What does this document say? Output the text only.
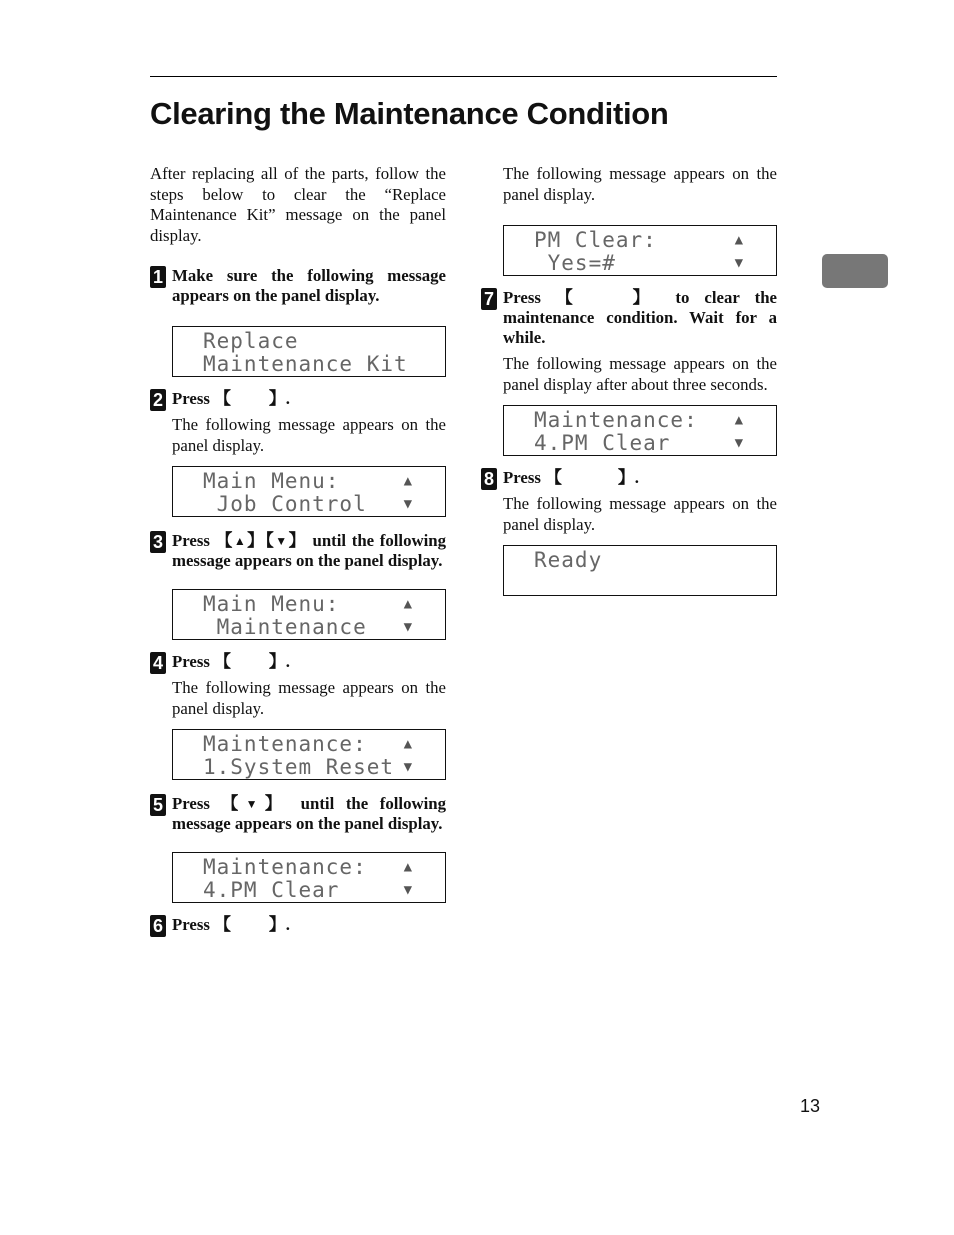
Clearing the Maintenance Condition

After replacing all of the parts, follow the steps below to clear the “Replace Maintenance Kit” message on the panel display.

1 Make sure the following message appears on the panel display.

Replace
Maintenance Kit
2 Press 【 】.

The following message appears on the panel display.

Main Menu:
Job Control
▲
▼
3 Press 【▲】【▼】 until the following message appears on the panel display.

Main Menu:
Maintenance
▲
▼
4 Press 【 】.

The following message appears on the panel display.

Maintenance:
1.System Reset
▲
▼
5 Press 【▼】 until the following message appears on the panel display.

Maintenance:
4.PM Clear
▲
▼
6 Press 【 】.

The following message appears on the panel display.

PM Clear:
Yes=#
▲
▼
7 Press 【 】 to clear the maintenance condition. Wait for a while.

The following message appears on the panel display after about three seconds.

Maintenance:
4.PM Clear
▲
▼
8 Press 【	】.

The following message appears on the panel display.

Ready
13
